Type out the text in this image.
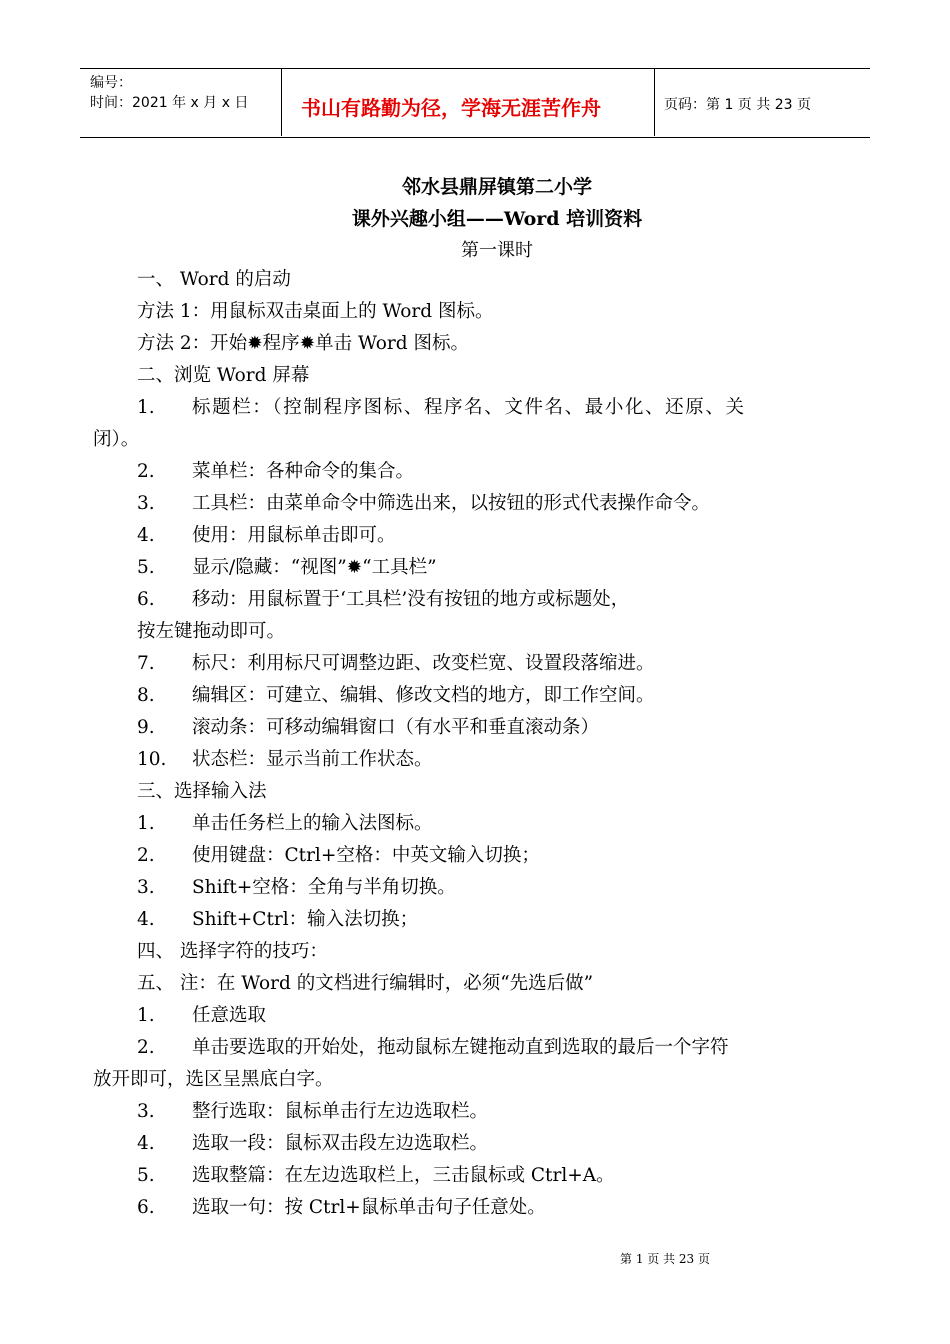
编号：
时间：2021 年 x 月 x 日	书山有路勤为径，学海无涯苦作舟	页码：第 1 页 共 23 页
邻水县鼎屏镇第二小学
课外兴趣小组——Word 培训资料
第一课时
一、 Word 的启动
方法 1：用鼠标双击桌面上的 Word 图标。
方法 2：开始✹程序✹单击 Word 图标。
二、浏览 Word 屏幕
1. 标题栏：（控制程序图标、程序名、文件名、最小化、还原、关
闭）。
2. 菜单栏：各种命令的集合。
3. 工具栏：由菜单命令中筛选出来，以按钮的形式代表操作命令。
4. 使用：用鼠标单击即可。
5. 显示/隐藏：“视图”✹“工具栏”
6. 移动：用鼠标置于‘工具栏’没有按钮的地方或标题处，
按左键拖动即可。
7. 标尺：利用标尺可调整边距、改变栏宽、设置段落缩进。
8. 编辑区：可建立、编辑、修改文档的地方，即工作空间。
9. 滚动条：可移动编辑窗口（有水平和垂直滚动条）
10. 状态栏：显示当前工作状态。
三、选择输入法
1. 单击任务栏上的输入法图标。
2. 使用键盘：Ctrl+空格：中英文输入切换；
3. Shift+空格：全角与半角切换。
4. Shift+Ctrl：输入法切换；
四、 选择字符的技巧：
五、 注：在 Word 的文档进行编辑时，必须“先选后做”
1. 任意选取
2. 单击要选取的开始处，拖动鼠标左键拖动直到选取的最后一个字符
放开即可，选区呈黑底白字。
3. 整行选取：鼠标单击行左边选取栏。
4. 选取一段：鼠标双击段左边选取栏。
5. 选取整篇：在左边选取栏上，三击鼠标或 Ctrl+A。
6. 选取一句：按 Ctrl+鼠标单击句子任意处。
第 1 页 共 23 页
